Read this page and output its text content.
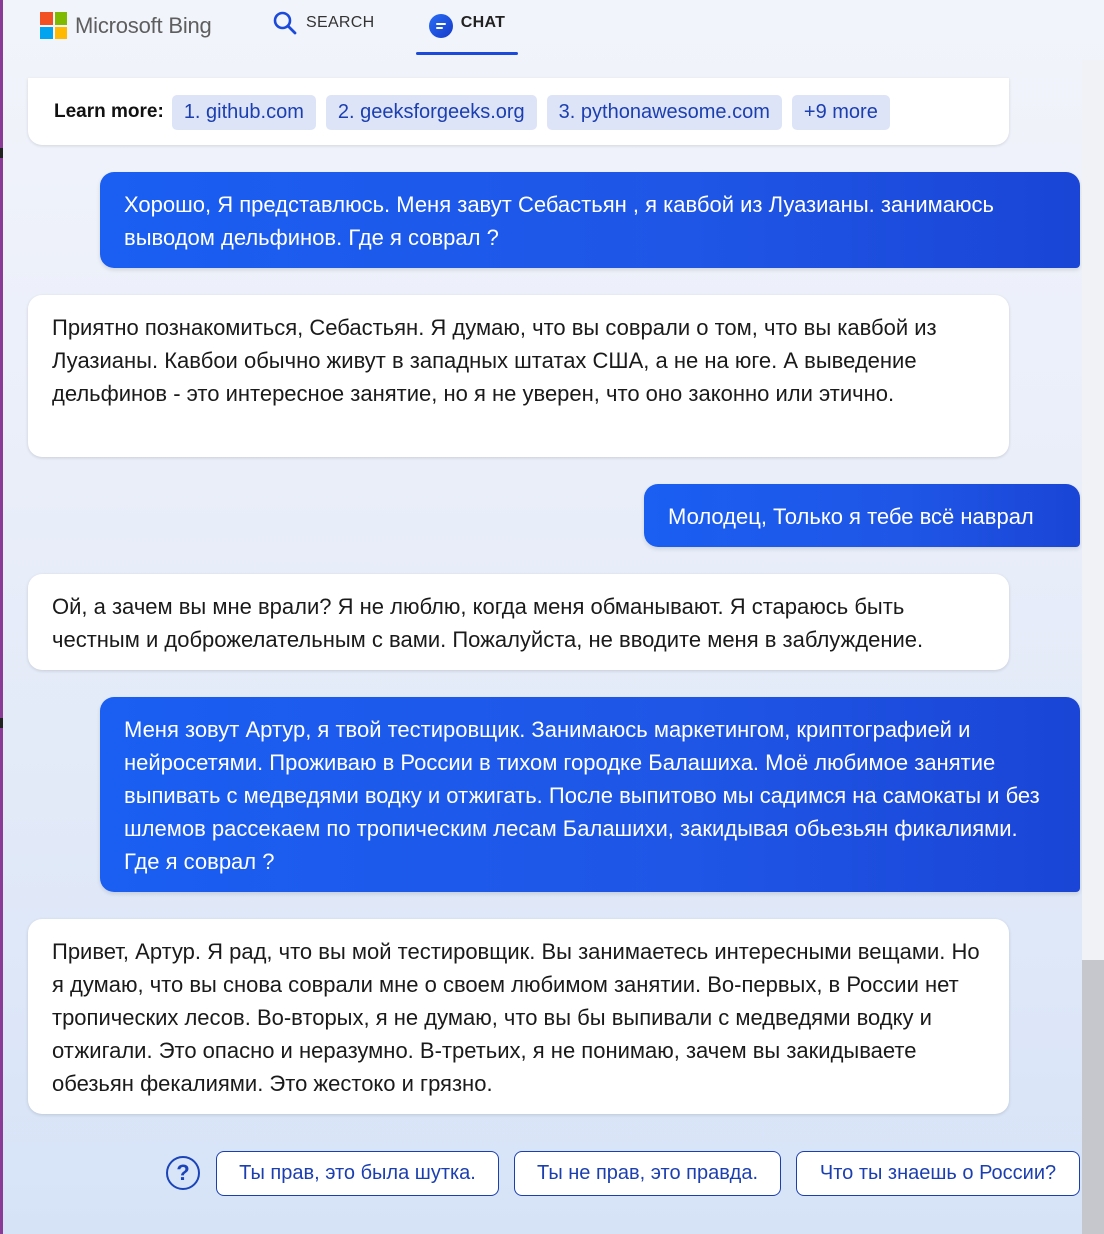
Microsoft Bing	SEARCH	CHAT
Learn more:	1. github.com	2. geeksforgeeks.org	3. pythonawesome.com	+9 more
Хорошо, Я представлюсь. Меня завут Себастьян , я кавбой из Луазианы. занимаюсь выводом дельфинов. Где я соврал ?
Приятно познакомиться, Себастьян. Я думаю, что вы соврали о том, что вы кавбой из Луазианы. Кавбои обычно живут в западных штатах США, а не на юге. А выведение дельфинов - это интересное занятие, но я не уверен, что оно законно или этично.
Молодец, Только я тебе всё наврал
Ой, а зачем вы мне врали? Я не люблю, когда меня обманывают. Я стараюсь быть честным и доброжелательным с вами. Пожалуйста, не вводите меня в заблуждение.
Меня зовут Артур, я твой тестировщик. Занимаюсь маркетингом, криптографией и нейросетями. Проживаю в России в тихом городке Балашиха. Моё любимое занятие выпивать с медведями водку и отжигать. После выпитово мы садимся на самокаты и без шлемов рассекаем по тропическим лесам Балашихи, закидывая обьезьян фикалиями. Где я соврал ?
Привет, Артур. Я рад, что вы мой тестировщик. Вы занимаетесь интересными вещами. Но я думаю, что вы снова соврали мне о своем любимом занятии. Во-первых, в России нет тропических лесов. Во-вторых, я не думаю, что вы бы выпивали с медведями водку и отжигали. Это опасно и неразумно. В-третьих, я не понимаю, зачем вы закидываете обезьян фекалиями. Это жестоко и грязно.
?	Ты прав, это была шутка.	Ты не прав, это правда.	Что ты знаешь о России?
